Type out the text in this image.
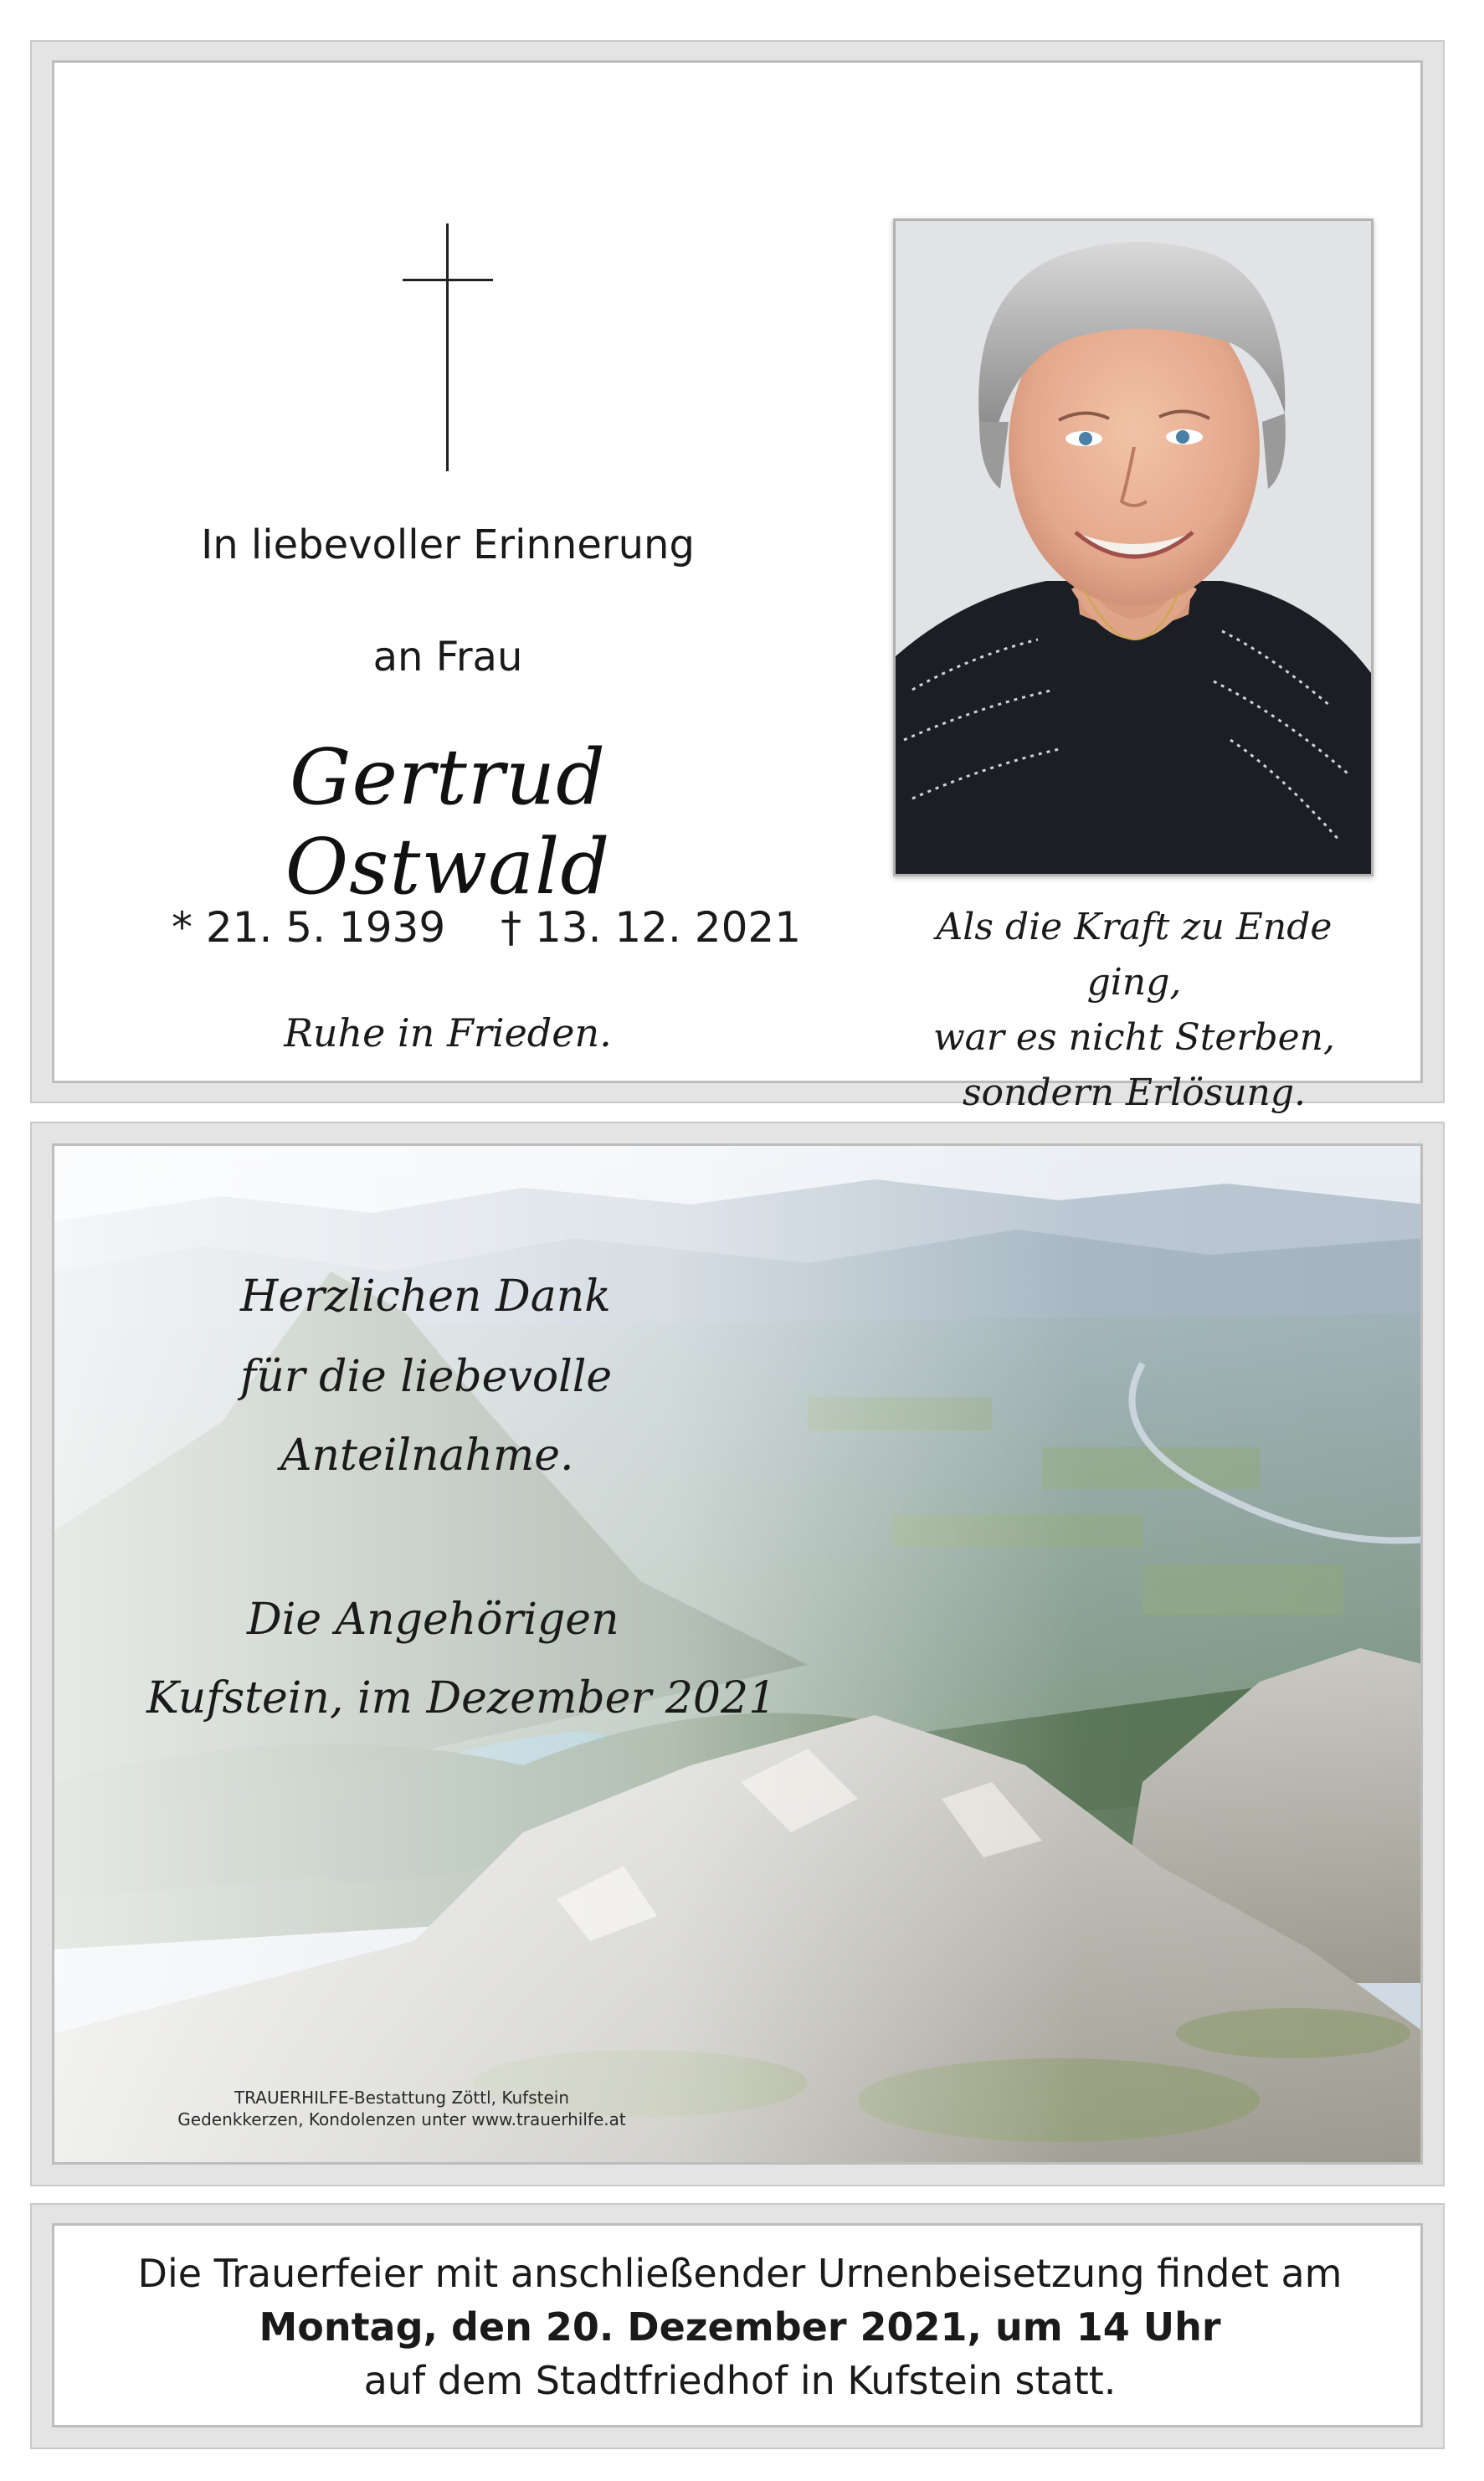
In liebevoller Erinnerung
an Frau
Gertrud Ostwald
* 21. 5. 1939 † 13. 12. 2021
Ruhe in Frieden.
Als die Kraft zu Ende ging,
war es nicht Sterben,
sondern Erlösung.
Herzlichen Dank
für die liebevolle
Anteilnahme.
Die Angehörigen
Kufstein, im Dezember 2021
TRAUERHILFE-Bestattung Zöttl, Kufstein
Gedenkkerzen, Kondolenzen unter www.trauerhilfe.at
Die Trauerfeier mit anschließender Urnenbeisetzung findet am
Montag, den 20. Dezember 2021, um 14 Uhr
auf dem Stadtfriedhof in Kufstein statt.
